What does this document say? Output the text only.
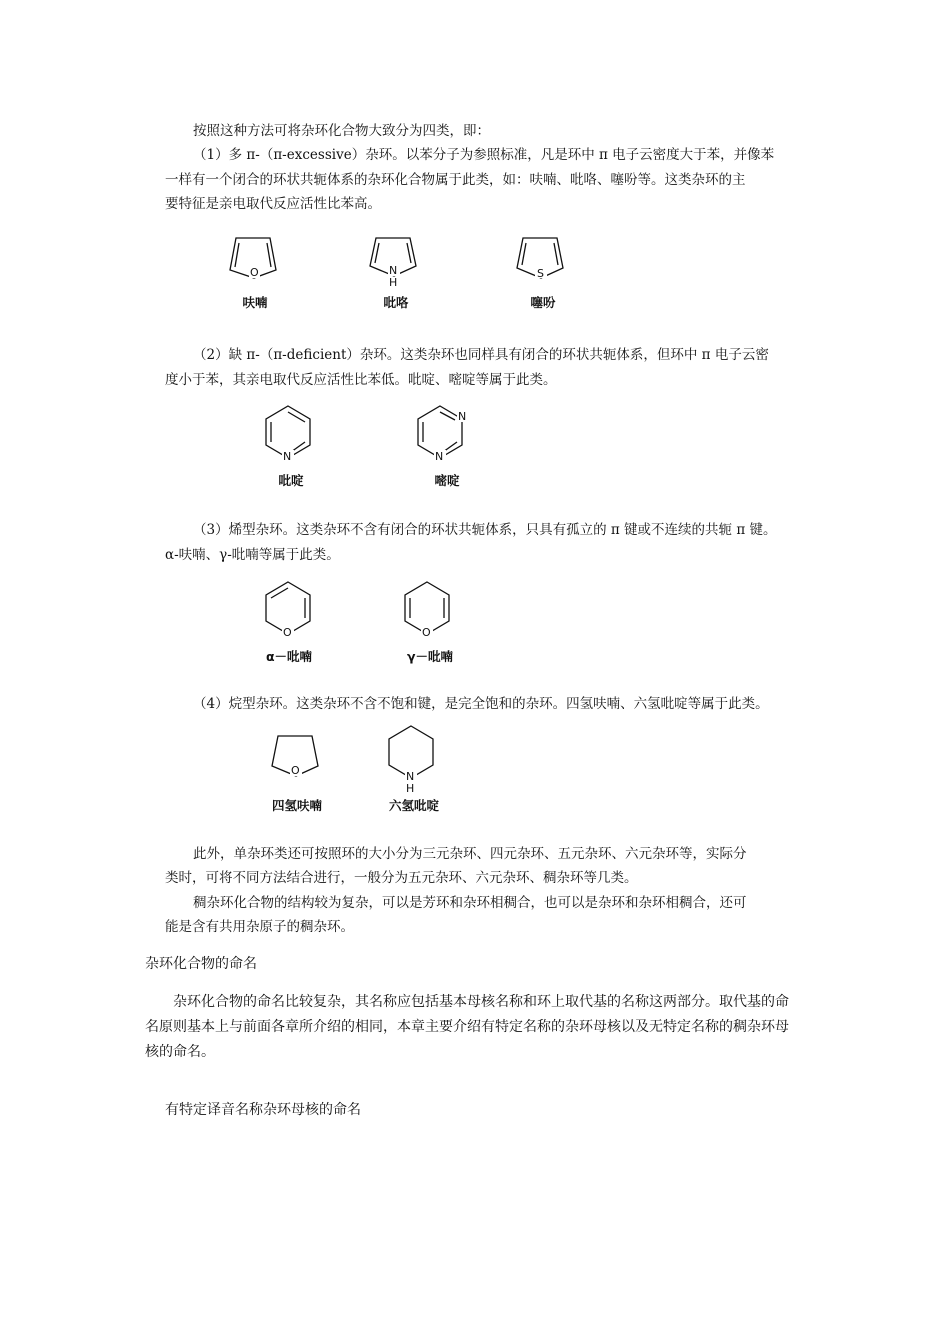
按照这种方法可将杂环化合物大致分为四类，即：
（1）多 π-（π-excessive）杂环。以苯分子为参照标准，凡是环中 π 电子云密度大于苯，并像苯
一样有一个闭合的环状共轭体系的杂环化合物属于此类，如：呋喃、吡咯、噻吩等。这类杂环的主
要特征是亲电取代反应活性比苯高。
O
呋喃
N
H
吡咯
S
噻吩
（2）缺 π-（π-deficient）杂环。这类杂环也同样具有闭合的环状共轭体系，但环中 π 电子云密
度小于苯，其亲电取代反应活性比苯低。吡啶、嘧啶等属于此类。
N
吡啶
N
N
嘧啶
（3）烯型杂环。这类杂环不含有闭合的环状共轭体系，只具有孤立的 π 键或不连续的共轭 π 键。
α-呋喃、γ-吡喃等属于此类。
O
α－吡喃
O
γ－吡喃
（4）烷型杂环。这类杂环不含不饱和键，是完全饱和的杂环。四氢呋喃、六氢吡啶等属于此类。
O
四氢呋喃
N
H
六氢吡啶
此外，单杂环类还可按照环的大小分为三元杂环、四元杂环、五元杂环、六元杂环等，实际分
类时，可将不同方法结合进行，一般分为五元杂环、六元杂环、稠杂环等几类。
稠杂环化合物的结构较为复杂，可以是芳环和杂环相稠合，也可以是杂环和杂环相稠合，还可
能是含有共用杂原子的稠杂环。
杂环化合物的命名
杂环化合物的命名比较复杂，其名称应包括基本母核名称和环上取代基的名称这两部分。取代基的命
名原则基本上与前面各章所介绍的相同，本章主要介绍有特定名称的杂环母核以及无特定名称的稠杂环母
核的命名。
有特定译音名称杂环母核的命名
